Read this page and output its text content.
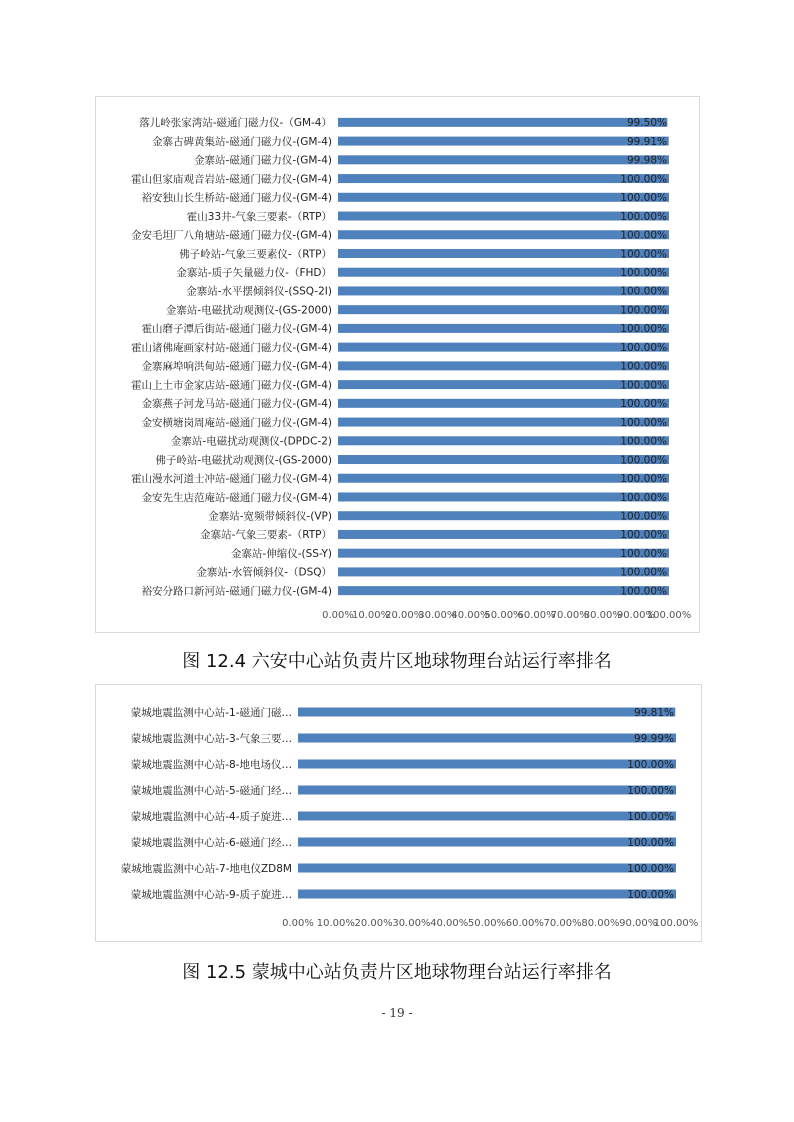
落儿岭张家湾站-磁通门磁力仪-（GM-4）	99.50%
金寨古碑黄集站-磁通门磁力仪-(GM-4)	99.91%
金寨站-磁通门磁力仪-(GM-4)	99.98%
霍山但家庙观音岩站-磁通门磁力仪-(GM-4)	100.00%
裕安独山长生桥站-磁通门磁力仪-(GM-4)	100.00%
霍山33井-气象三要素-（RTP）	100.00%
金安毛坦厂八角塘站-磁通门磁力仪-(GM-4)	100.00%
佛子岭站-气象三要素仪-（RTP）	100.00%
金寨站-质子矢量磁力仪-（FHD）	100.00%
金寨站-水平摆倾斜仪-(SSQ-2I)	100.00%
金寨站-电磁扰动观测仪-(GS-2000)	100.00%
霍山磨子潭后街站-磁通门磁力仪-(GM-4)	100.00%
霍山诸佛庵画家村站-磁通门磁力仪-(GM-4)	100.00%
金寨麻埠响洪甸站-磁通门磁力仪-(GM-4)	100.00%
霍山上土市金家店站-磁通门磁力仪-(GM-4)	100.00%
金寨燕子河龙马站-磁通门磁力仪-(GM-4)	100.00%
金安横塘岗周庵站-磁通门磁力仪-(GM-4)	100.00%
金寨站-电磁扰动观测仪-(DPDC-2)	100.00%
佛子岭站-电磁扰动观测仪-(GS-2000)	100.00%
霍山漫水河道士冲站-磁通门磁力仪-(GM-4)	100.00%
金安先生店范庵站-磁通门磁力仪-(GM-4)	100.00%
金寨站-宽频带倾斜仪-(VP)	100.00%
金寨站-气象三要素-（RTP）	100.00%
金寨站-伸缩仪-(SS-Y)	100.00%
金寨站-水管倾斜仪-（DSQ）	100.00%
裕安分路口新河站-磁通门磁力仪-(GM-4)	100.00%
0.00%
10.00%
20.00%
30.00%
40.00%
50.00%
60.00%
70.00%
80.00%
90.00%
100.00%
图 12.4 六安中心站负责片区地球物理台站运行率排名
蒙城地震监测中心站-1-磁通门磁…	99.81%
蒙城地震监测中心站-3-气象三要…	99.99%
蒙城地震监测中心站-8-地电场仪…	100.00%
蒙城地震监测中心站-5-磁通门经…	100.00%
蒙城地震监测中心站-4-质子旋进…	100.00%
蒙城地震监测中心站-6-磁通门经…	100.00%
蒙城地震监测中心站-7-地电仪ZD8M	100.00%
蒙城地震监测中心站-9-质子旋进…	100.00%
0.00% 10.00% 20.00% 30.00% 40.00% 50.00% 60.00% 70.00% 80.00% 90.00%
100.00%
图 12.5 蒙城中心站负责片区地球物理台站运行率排名
- 19 -
